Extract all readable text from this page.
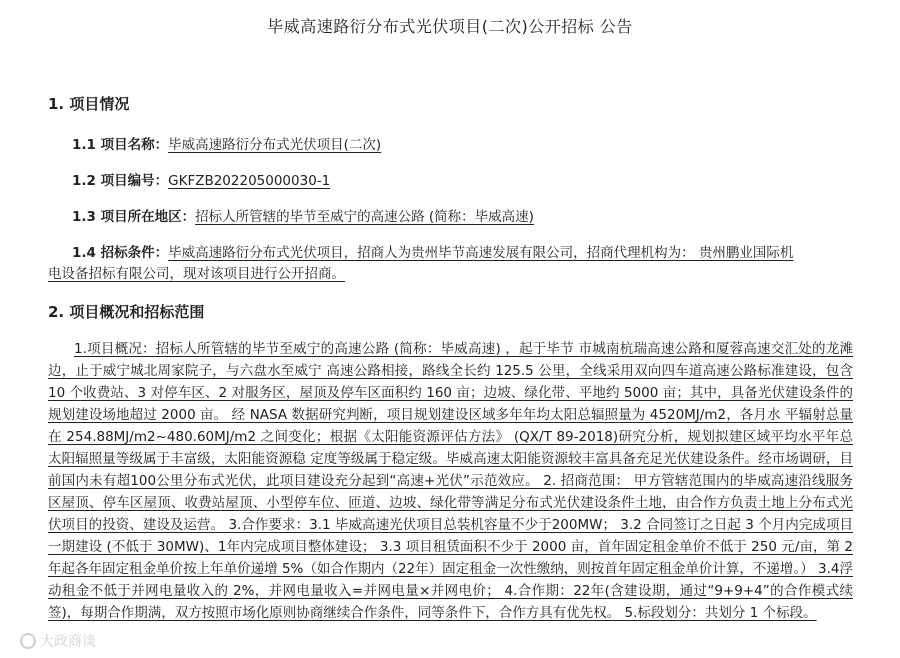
毕威高速路衍分布式光伏项目(二次)公开招标 公告
1. 项目情况
1.1 项目名称：毕威高速路衍分布式光伏项目(二次)
1.2 项目编号：GKFZB202205000030-1
1.3 项目所在地区：招标人所管辖的毕节至威宁的高速公路 (简称：毕威高速)
1.4 招标条件：毕威高速路衍分布式光伏项目，招商人为贵州毕节高速发展有限公司，招商代理机构为： 贵州鹏业国际机
电设备招标有限公司，现对该项目进行公开招商。
2. 项目概况和招标范围
1.项目概况：招标人所管辖的毕节至威宁的高速公路 (简称：毕威高速) ，起于毕节 市城南杭瑞高速公路和厦蓉高速交汇处的龙滩边，止于威宁城北周家院子，与六盘水至威宁 高速公路相接，路线全长约 125.5 公里，全线采用双向四车道高速公路标准建设，包含 10 个收费站、3 对停车区、2 对服务区，屋顶及停车区面积约 160 亩；边坡、绿化带、平地约 5000 亩；其中，具备光伏建设条件的规划建设场地超过 2000 亩。 经 NASA 数据研究判断，项目规划建设区域多年年均太阳总辐照量为 4520MJ/m2，各月水 平辐射总量在 254.88MJ/m2~480.60MJ/m2 之间变化；根据《太阳能资源评估方法》 (QX/T 89-2018)研究分析，规划拟建区域平均水平年总太阳辐照量等级属于丰富级，太阳能资源稳 定度等级属于稳定级。毕威高速太阳能资源较丰富具备充足光伏建设条件。经市场调研，目前国内未有超100公里分布式光伏，此项目建设充分起到“高速+光伏”示范效应。 2. 招商范围： 甲方管辖范围内的毕威高速沿线服务区屋顶、停车区屋顶、收费站屋顶、小型停车位、匝道、边坡、绿化带等满足分布式光伏建设条件土地，由合作方负责土地上分布式光伏项目的投资、建设及运营。 3.合作要求：3.1 毕威高速光伏项目总装机容量不少于200MW； 3.2 合同签订之日起 3 个月内完成项目一期建设 (不低于 30MW)、1年内完成项目整体建设； 3.3 项目租赁面积不少于 2000 亩，首年固定租金单价不低于 250 元/亩，第 2 年起各年固定租金单价按上年单价递增 5%（如合作期内（22年）固定租金一次性缴纳，则按首年固定租金单价计算，不递增。） 3.4浮动租金不低于并网电量收入的 2%，并网电量收入=并网电量×并网电价； 4.合作期：22年(含建设期，通过“9+9+4”的合作模式续签)，每期合作期满，双方按照市场化原则协商继续合作条件，同等条件下，合作方具有优先权。 5.标段划分：共划分 1 个标段。
大政商谈
